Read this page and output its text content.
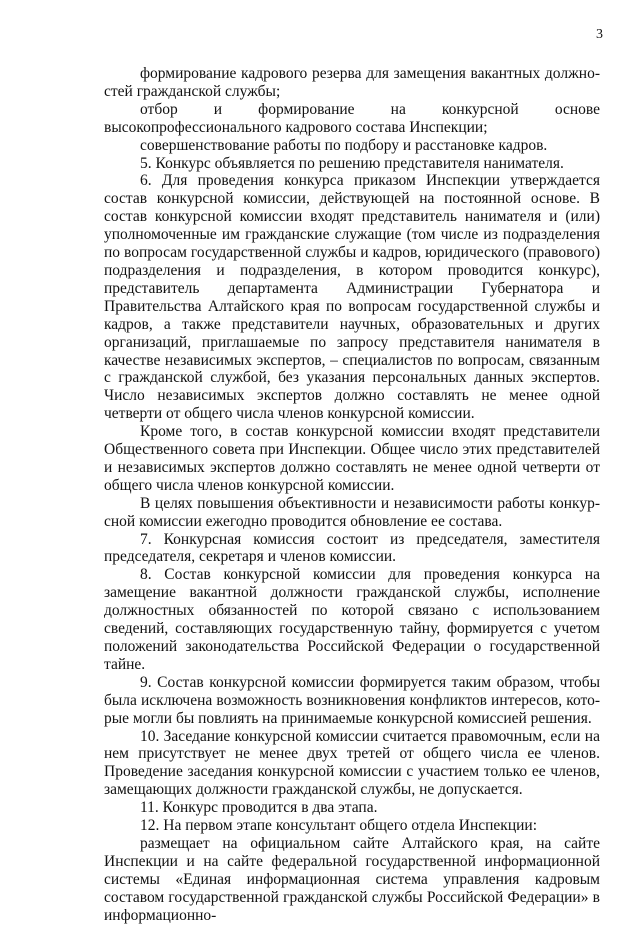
3

формирование кадрового резерва для замещения вакантных должностей гражданской службы;

отбор и формирование на конкурсной основе высокопрофессионального кадрового состава Инспекции;

совершенствование работы по подбору и расстановке кадров.

5. Конкурс объявляется по решению представителя нанимателя.

6. Для проведения конкурса приказом Инспекции утверждается состав конкурсной комиссии, действующей на постоянной основе. В состав конкурсной комиссии входят представитель нанимателя и (или) уполномоченные им гражданские служащие (том числе из подразделения по вопросам государственной службы и кадров, юридического (правового) подразделения и подразделения, в котором проводится конкурс), представитель департамента Администрации Губернатора и Правительства Алтайского края по вопросам государственной службы и кадров, а также представители научных, образовательных и других организаций, приглашаемые по запросу представителя нанимателя в качестве независимых экспертов, – специалистов по вопросам, связанным с гражданской службой, без указания персональных данных экспертов. Число независимых экспертов должно составлять не менее одной четверти от общего числа членов конкурсной комиссии.

Кроме того, в состав конкурсной комиссии входят представители Общественного совета при Инспекции. Общее число этих представителей и независимых экспертов должно составлять не менее одной четверти от общего числа членов конкурсной комиссии.

В целях повышения объективности и независимости работы конкурсной комиссии ежегодно проводится обновление ее состава.

7. Конкурсная комиссия состоит из председателя, заместителя председателя, секретаря и членов комиссии.

8. Состав конкурсной комиссии для проведения конкурса на замещение вакантной должности гражданской службы, исполнение должностных обязанностей по которой связано с использованием сведений, составляющих государственную тайну, формируется с учетом положений законодательства Российской Федерации о государственной тайне.

9. Состав конкурсной комиссии формируется таким образом, чтобы была исключена возможность возникновения конфликтов интересов, которые могли бы повлиять на принимаемые конкурсной комиссией решения.

10. Заседание конкурсной комиссии считается правомочным, если на нем присутствует не менее двух третей от общего числа ее членов. Проведение заседания конкурсной комиссии с участием только ее членов, замещающих должности гражданской службы, не допускается.

11. Конкурс проводится в два этапа.

12. На первом этапе консультант общего отдела Инспекции:

размещает на официальном сайте Алтайского края, на сайте Инспекции и на сайте федеральной государственной информационной системы «Единая информационная система управления кадровым составом государственной гражданской службы Российской Федерации» в информационно-
